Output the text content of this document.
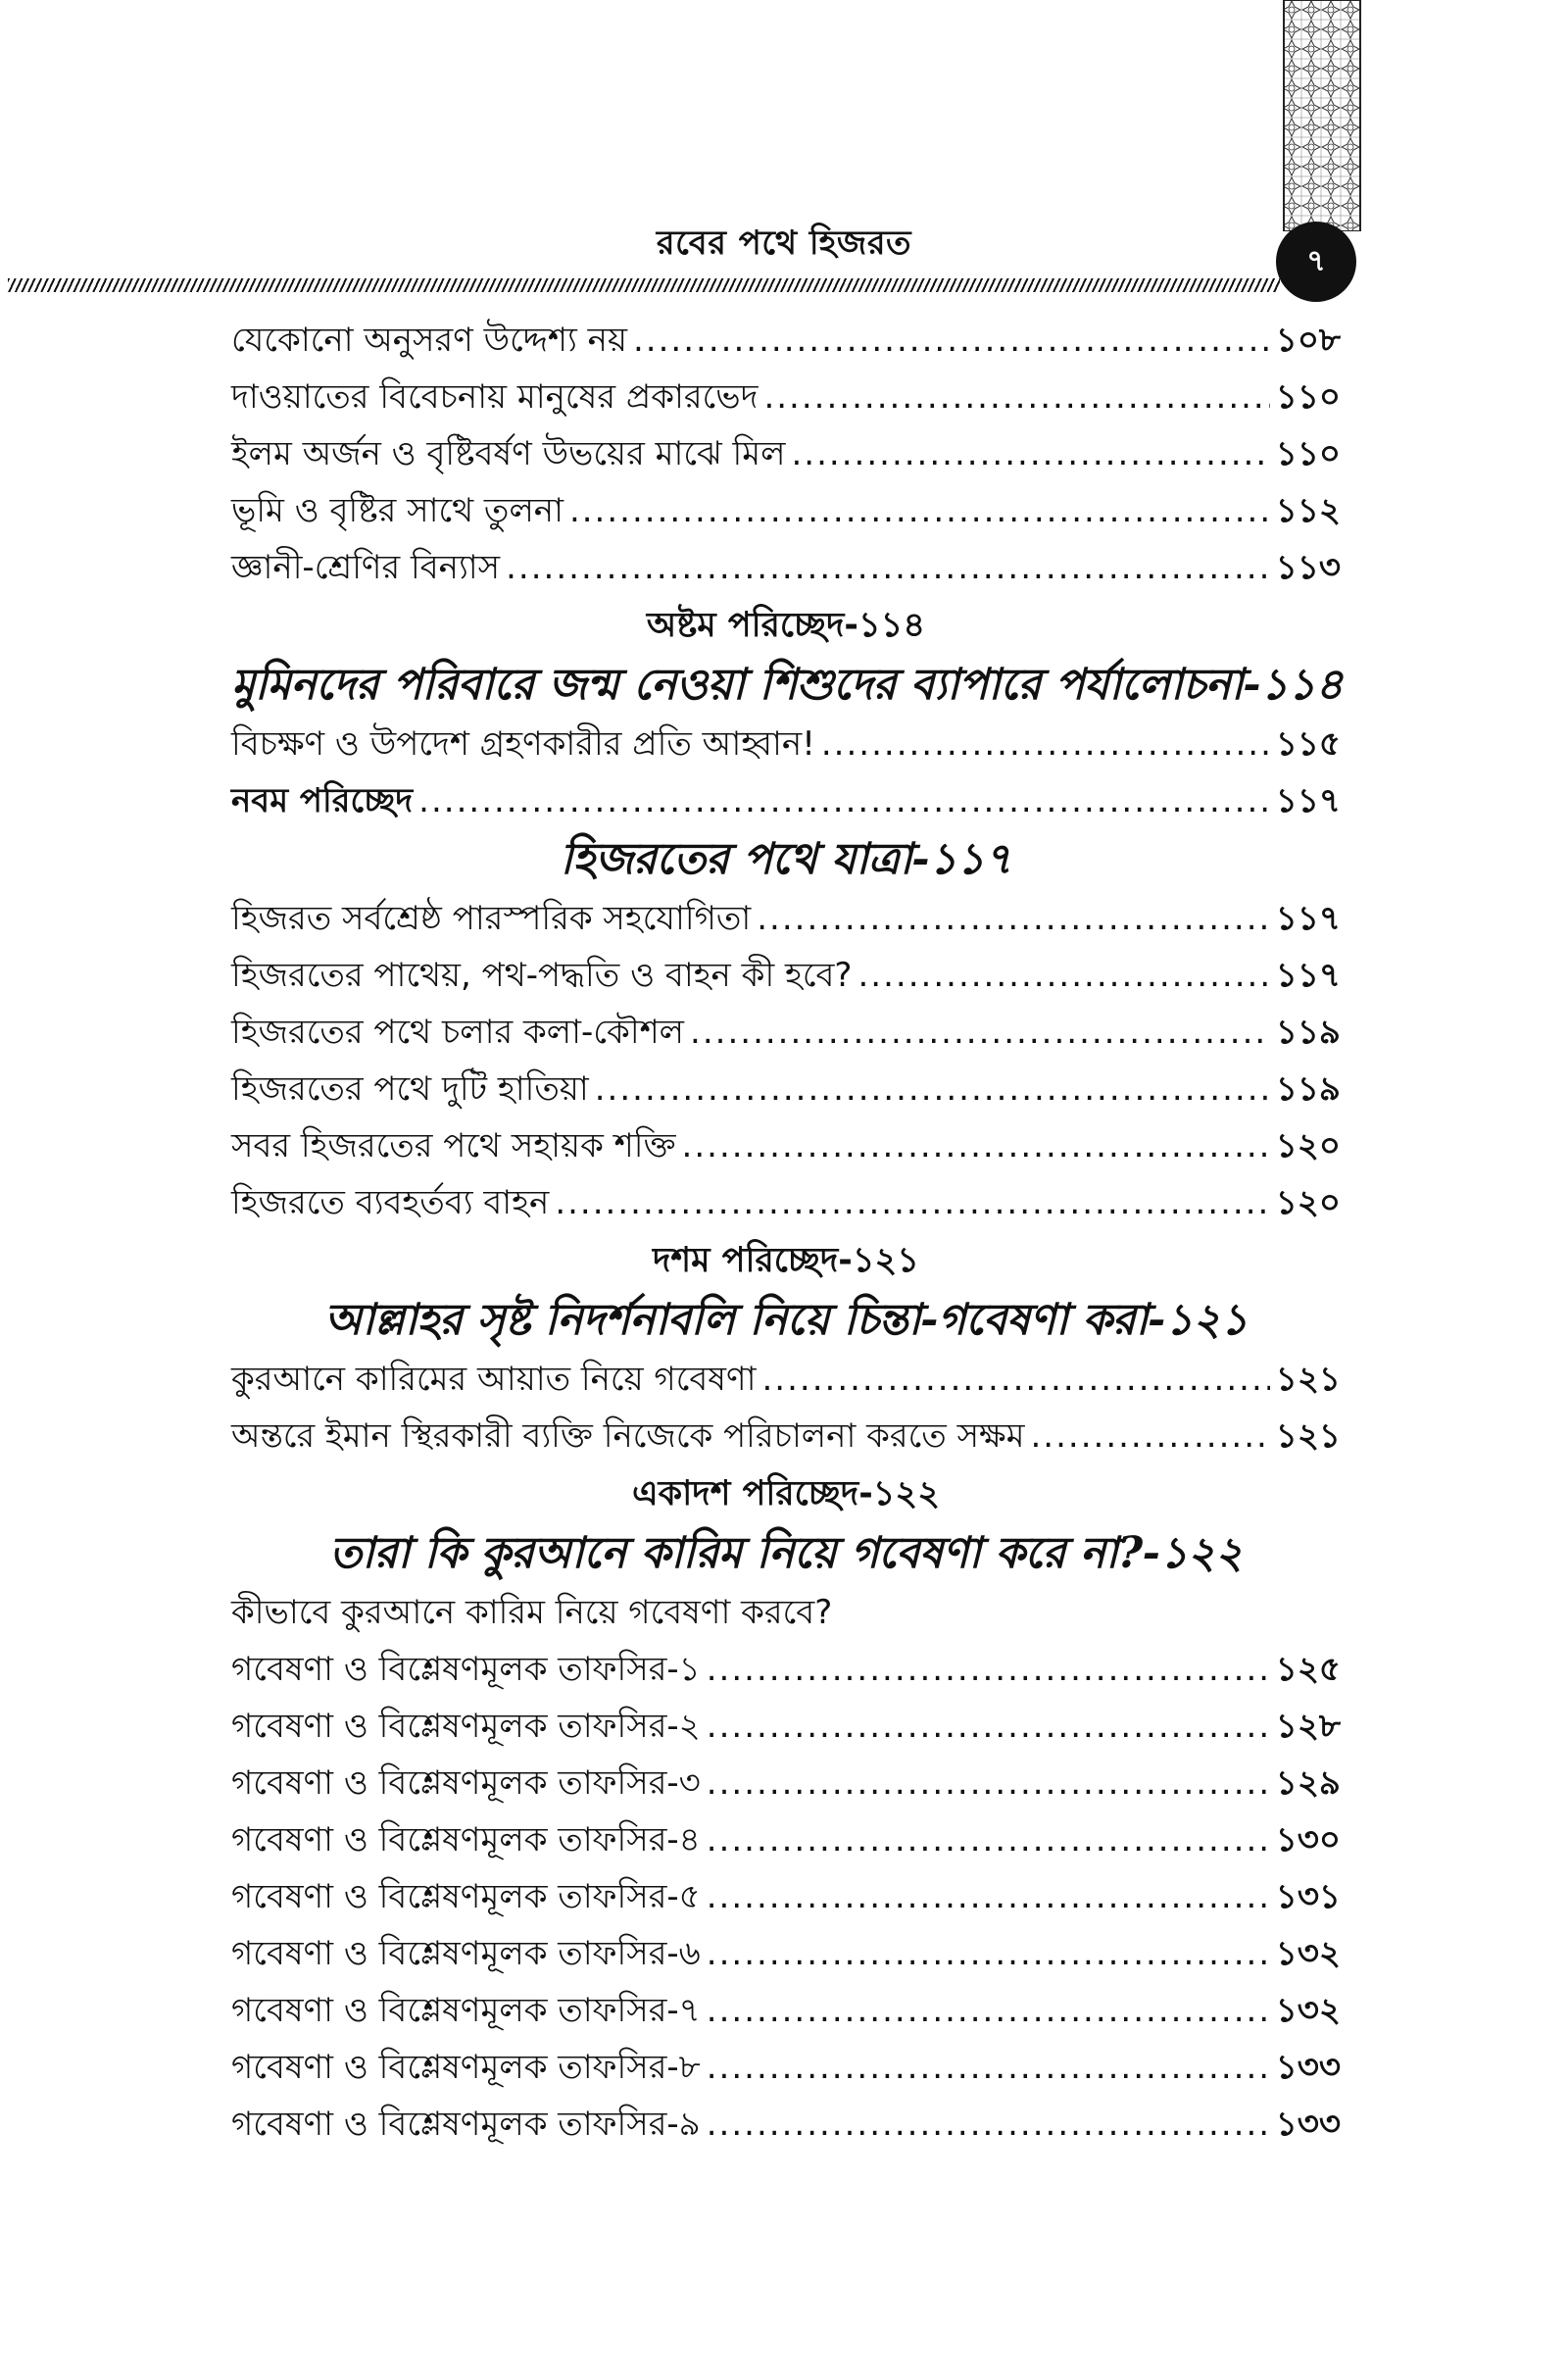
রবের পথে হিজরত	৭
যেকোনো অনুসরণ উদ্দেশ্য নয় .....	১০৮
দাওয়াতের বিবেচনায় মানুষের প্রকারভেদ .....	১১০
ইলম অর্জন ও বৃষ্টিবর্ষণ উভয়ের মাঝে মিল .....	১১০
ভূমি ও বৃষ্টির সাথে তুলনা .....	১১২
জ্ঞানী-শ্রেণির বিন্যাস .....	১১৩
অষ্টম পরিচ্ছেদ-১১৪
মুমিনদের পরিবারে জন্ম নেওয়া শিশুদের ব্যাপারে পর্যালোচনা-১১৪
বিচক্ষণ ও উপদেশ গ্রহণকারীর প্রতি আহ্বান! .....	১১৫
নবম পরিচ্ছেদ .....	১১৭
হিজরতের পথে যাত্রা-১১৭
হিজরত সর্বশ্রেষ্ঠ পারস্পরিক সহযোগিতা .....	১১৭
হিজরতের পাথেয়, পথ-পদ্ধতি ও বাহন কী হবে? .....	১১৭
হিজরতের পথে চলার কলা-কৌশল .....	১১৯
হিজরতের পথে দুটি হাতিয়া .....	১১৯
সবর হিজরতের পথে সহায়ক শক্তি .....	১২০
হিজরতে ব্যবহর্তব্য বাহন .....	১২০
দশম পরিচ্ছেদ-১২১
আল্লাহর সৃষ্ট নিদর্শনাবলি নিয়ে চিন্তা-গবেষণা করা-১২১
কুরআনে কারিমের আয়াত নিয়ে গবেষণা .....	১২১
অন্তরে ইমান স্থিরকারী ব্যক্তি নিজেকে পরিচালনা করতে সক্ষম .....	১২১
একাদশ পরিচ্ছেদ-১২২
তারা কি কুরআনে কারিম নিয়ে গবেষণা করে না?-১২২
কীভাবে কুরআনে কারিম নিয়ে গবেষণা করবে?
গবেষণা ও বিশ্লেষণমূলক তাফসির-১ .....	১২৫
গবেষণা ও বিশ্লেষণমূলক তাফসির-২ .....	১২৮
গবেষণা ও বিশ্লেষণমূলক তাফসির-৩ .....	১২৯
গবেষণা ও বিশ্লেষণমূলক তাফসির-৪ .....	১৩০
গবেষণা ও বিশ্লেষণমূলক তাফসির-৫ .....	১৩১
গবেষণা ও বিশ্লেষণমূলক তাফসির-৬ .....	১৩২
গবেষণা ও বিশ্লেষণমূলক তাফসির-৭ .....	১৩২
গবেষণা ও বিশ্লেষণমূলক তাফসির-৮ .....	১৩৩
গবেষণা ও বিশ্লেষণমূলক তাফসির-৯ .....	১৩৩
